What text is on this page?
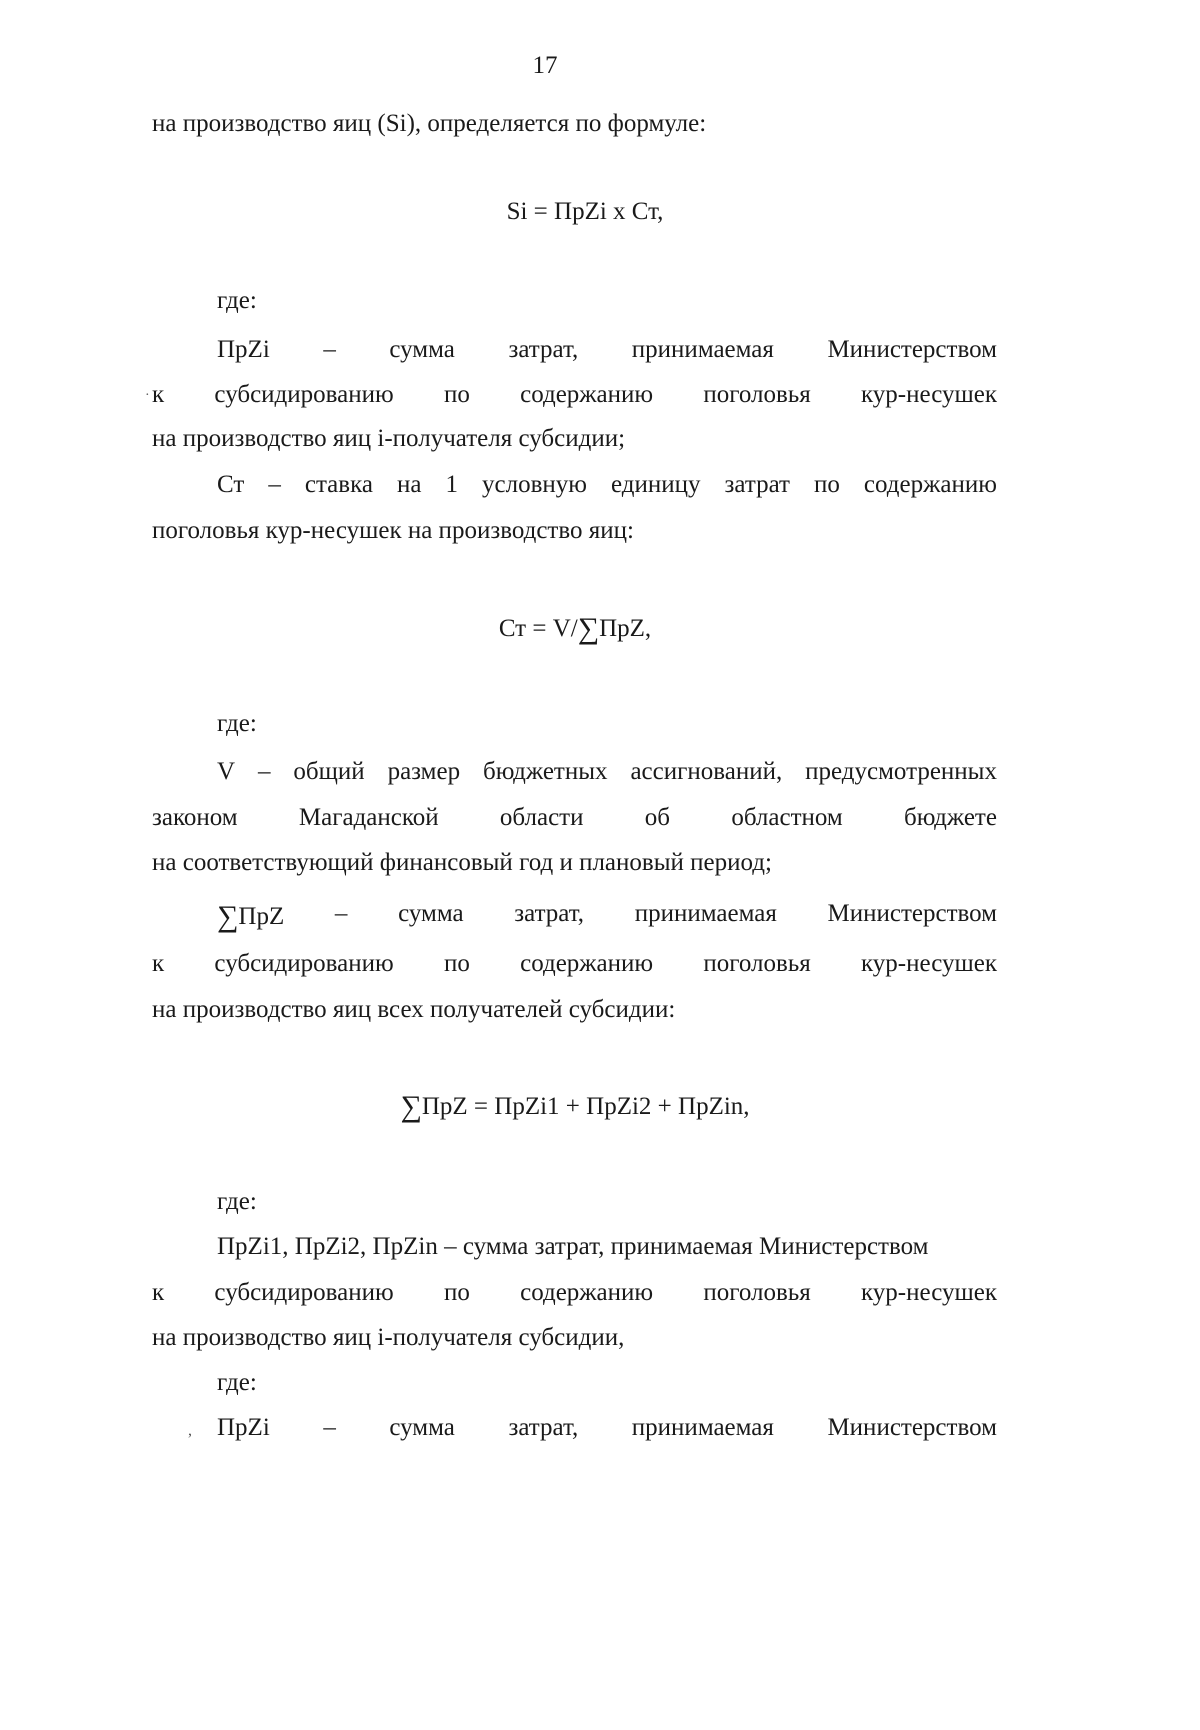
17
на производство яиц (Si), определяется по формуле:
Si = ПрZi х Ст,
где:
ПрZi – сумма затрат, принимаемая Министерством
к субсидированию по содержанию поголовья кур-несушек
на производство яиц i-получателя субсидии;
Ст – ставка на 1 условную единицу затрат по содержанию
поголовья кур-несушек на производство яиц:
Ст = V/∑ПрZ,
где:
V – общий размер бюджетных ассигнований, предусмотренных
законом Магаданской области об областном бюджете
на соответствующий финансовый год и плановый период;
∑ПрZ – сумма затрат, принимаемая Министерством
к субсидированию по содержанию поголовья кур-несушек
на производство яиц всех получателей субсидии:
∑ПрZ = ПрZi1 + ПрZi2 + ПрZin,
где:
ПрZi1, ПрZi2, ПрZin – сумма затрат, принимаемая Министерством
к субсидированию по содержанию поголовья кур-несушек
на производство яиц i-получателя субсидии,
где:
ПрZi – сумма затрат, принимаемая Министерством
,
·
